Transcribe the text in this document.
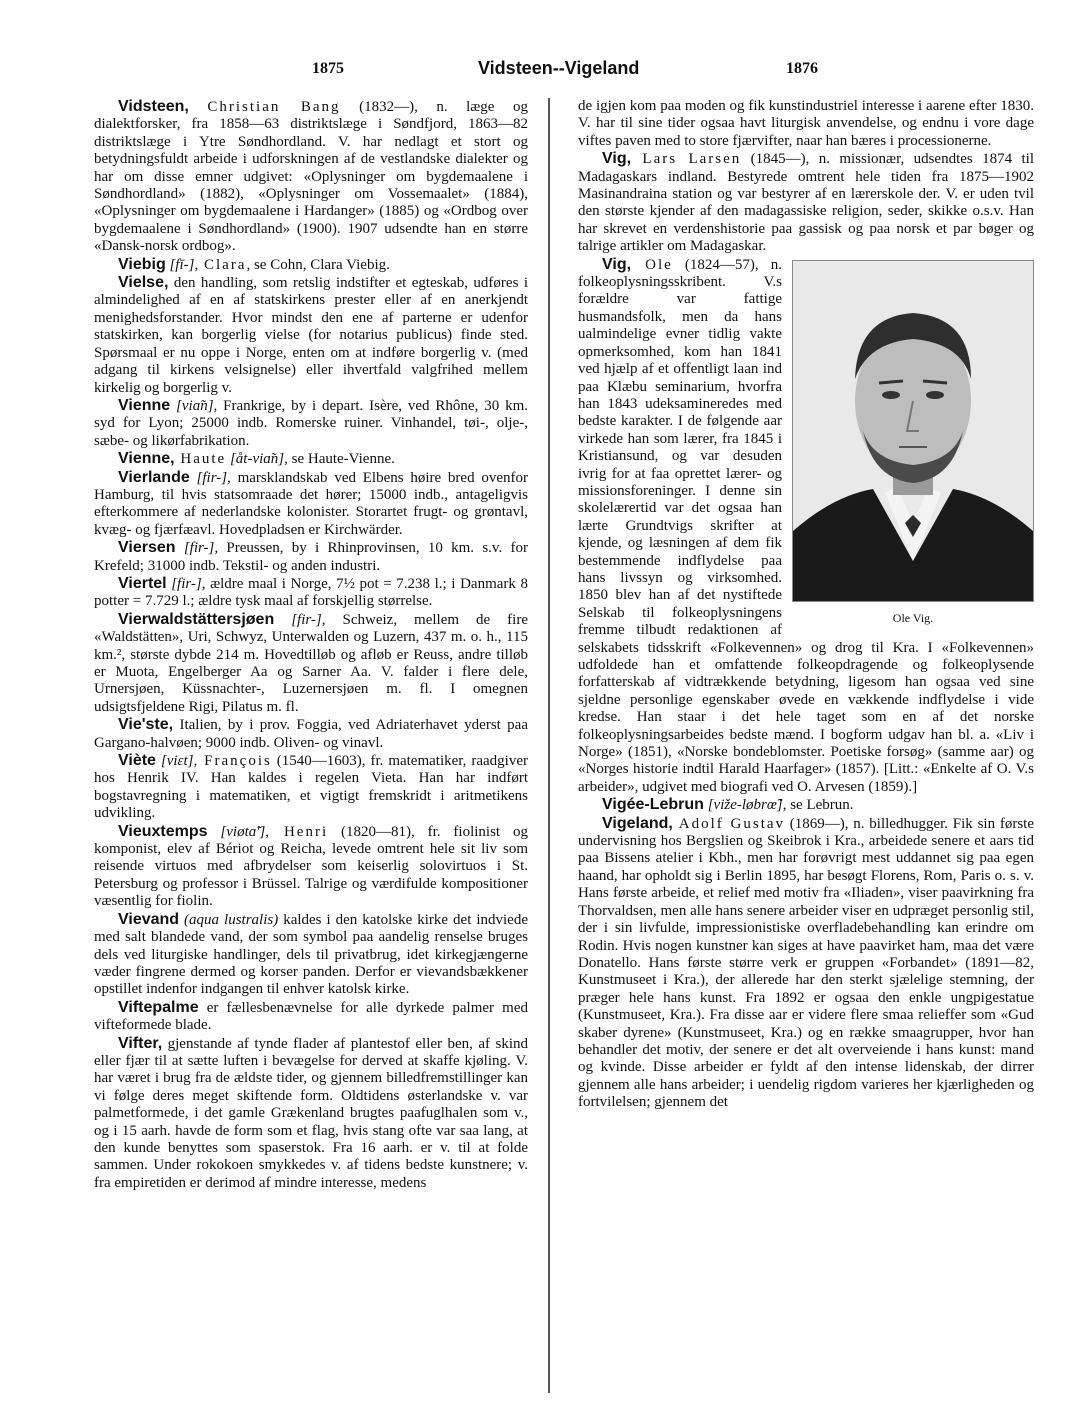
1875	Vidsteen--Vigeland	1876

Vidsteen, Christian Bang (1832—), n. læge og dialektforsker, fra 1858—63 distriktslæge i Søndfjord, 1863—82 distriktslæge i Ytre Søndhordland. V. har nedlagt et stort og betydningsfuldt arbeide i udforskningen af de vestlandske dialekter og har om disse emner udgivet: «Oplysninger om bygdemaalene i Søndhordland» (1882), «Oplysninger om Vossemaalet» (1884), «Oplysninger om bygdemaalene i Hardanger» (1885) og «Ordbog over bygdemaalene i Søndhordland» (1900). 1907 udsendte han en større «Dansk-norsk ordbog».

Viebig [fī-], Clara, se Cohn, Clara Viebig.

Vielse, den handling, som retslig indstifter et egteskab, udføres i almindelighed af en af statskirkens prester eller af en anerkjendt menighedsforstander. Hvor mindst den ene af parterne er udenfor statskirken, kan borgerlig vielse (for notarius publicus) finde sted. Spørsmaal er nu oppe i Norge, enten om at indføre borgerlig v. (med adgang til kirkens velsignelse) eller ihvertfald valgfrihed mellem kirkelig og borgerlig v.

Vienne [viɑ̃n], Frankrige, by i depart. Isère, ved Rhône, 30 km. syd for Lyon; 25000 indb. Romerske ruiner. Vinhandel, tøi-, olje-, sæbe- og likørfabrikation.

Vienne, Haute [åt-viɑ̃n], se Haute-Vienne.

Vierlande [fir-], marsklandskab ved Elbens høire bred ovenfor Hamburg, til hvis statsomraade det hører; 15000 indb., antageligvis efterkommere af nederlandske kolonister. Storartet frugt- og grøntavl, kvæg- og fjærfæavl. Hovedpladsen er Kirchwärder.

Viersen [fir-], Preussen, by i Rhinprovinsen, 10 km. s.v. for Krefeld; 31000 indb. Tekstil- og anden industri.

Viertel [fir-], ældre maal i Norge, 7½ pot = 7.238 l.; i Danmark 8 potter = 7.729 l.; ældre tysk maal af forskjellig størrelse.

Vierwaldstättersjøen [fir-], Schweiz, mellem de fire «Waldstätten», Uri, Schwyz, Unterwalden og Luzern, 437 m. o. h., 115 km.², største dybde 214 m. Hovedtilløb og afløb er Reuss, andre tilløb er Muota, Engelberger Aa og Sarner Aa. V. falder i flere dele, Urnersjøen, Küssnachter-, Luzernersjøen m. fl. I omegnen udsigtsfjeldene Rigi, Pilatus m. fl.

Vie'ste, Italien, by i prov. Foggia, ved Adriaterhavet yderst paa Gargano-halvøen; 9000 indb. Oliven- og vinavl.

Viète [viɛt], François (1540—1603), fr. matematiker, raadgiver hos Henrik IV. Han kaldes i regelen Vieta. Han har indført bogstavregning i matematiken, et vigtigt fremskridt i aritmetikens udvikling.

Vieuxtemps [viøtɑ̃'], Henri (1820—81), fr. fiolinist og komponist, elev af Bériot og Reicha, levede omtrent hele sit liv som reisende virtuos med afbrydelser som keiserlig solovirtuos i St. Petersburg og professor i Brüssel. Talrige og værdifulde kompositioner væsentlig for fiolin.

Vievand (aqua lustralis) kaldes i den katolske kirke det indviede med salt blandede vand, der som symbol paa aandelig renselse bruges dels ved liturgiske handlinger, dels til privatbrug, idet kirkegjængerne væder fingrene dermed og korser panden. Derfor er vievandsbækkener opstillet indenfor indgangen til enhver katolsk kirke.

Viftepalme er fællesbenævnelse for alle dyrkede palmer med vifteformede blade.

Vifter, gjenstande af tynde flader af plantestof eller ben, af skind eller fjær til at sætte luften i bevægelse for derved at skaffe kjøling. V. har været i brug fra de ældste tider, og gjennem billedfremstillinger kan vi følge deres meget skiftende form. Oldtidens østerlandske v. var palmetformede, i det gamle Grækenland brugtes paafuglhalen som v., og i 15 aarh. havde de form som et flag, hvis stang ofte var saa lang, at den kunde benyttes som spaserstok. Fra 16 aarh. er v. til at folde sammen. Under rokokoen smykkedes v. af tidens bedste kunstnere; v. fra empiretiden er derimod af mindre interesse, medens

de igjen kom paa moden og fik kunstindustriel interesse i aarene efter 1830. V. har til sine tider ogsaa havt liturgisk anvendelse, og endnu i vore dage viftes paven med to store fjærvifter, naar han bæres i processionerne.

Vig, Lars Larsen (1845—), n. missionær, udsendtes 1874 til Madagaskars indland. Bestyrede omtrent hele tiden fra 1875—1902 Masinandraina station og var bestyrer af en lærerskole der. V. er uden tvil den største kjender af den madagassiske religion, seder, skikke o.s.v. Han har skrevet en verdenshistorie paa gassisk og paa norsk et par bøger og talrige artikler om Madagaskar.

Vig, Ole
Ole Vig.
(1824—57), n. folkeoplysningsskribent. V.s forældre var fattige husmandsfolk, men da hans ualmindelige evner tidlig vakte opmerksomhed, kom han 1841 ved hjælp af et offentligt laan ind paa Klæbu seminarium, hvorfra han 1843 udeksamineredes med bedste karakter. I de følgende aar virkede han som lærer, fra 1845 i Kristiansund, og var desuden ivrig for at faa oprettet lærer- og missionsforeninger. I denne sin skolelærertid var det ogsaa han lærte Grundtvigs skrifter at kjende, og læsningen af dem fik bestemmende indflydelse paa hans livssyn og virksomhed. 1850 blev han af det nystiftede Selskab til folkeoplysningens fremme tilbudt redaktionen af selskabets tidsskrift «Folkevennen» og drog til Kra. I «Folkevennen» udfoldede han et omfattende folkeopdragende og folkeoplysende forfatterskab af vidtrækkende betydning, ligesom han ogsaa ved sine sjeldne personlige egenskaber øvede en vækkende indflydelse i vide kredse. Han staar i det hele taget som en af det norske folkeoplysningsarbeides bedste mænd. I bogform udgav han bl. a. «Liv i Norge» (1851), «Norske bondeblomster. Poetiske forsøg» (samme aar) og «Norges historie indtil Harald Haarfager» (1857). [Litt.: «Enkelte af O. V.s arbeider», udgivet med biografi ved O. Arvesen (1859).]

Vigée-Lebrun [viže-løbrœ̃], se Lebrun.

Vigeland, Adolf Gustav (1869—), n. billedhugger. Fik sin første undervisning hos Bergslien og Skeibrok i Kra., arbeidede senere et aars tid paa Bissens atelier i Kbh., men har forøvrigt mest uddannet sig paa egen haand, har opholdt sig i Berlin 1895, har besøgt Florens, Rom, Paris o. s. v. Hans første arbeide, et relief med motiv fra «Iliaden», viser paavirkning fra Thorvaldsen, men alle hans senere arbeider viser en udpræget personlig stil, der i sin livfulde, impressionistiske overfladebehandling kan erindre om Rodin. Hvis nogen kunstner kan siges at have paavirket ham, maa det være Donatello. Hans første større verk er gruppen «Forbandet» (1891—82, Kunstmuseet i Kra.), der allerede har den sterkt sjælelige stemning, der præger hele hans kunst. Fra 1892 er ogsaa den enkle ungpigestatue (Kunstmuseet, Kra.). Fra disse aar er videre flere smaa relieffer som «Gud skaber dyrene» (Kunstmuseet, Kra.) og en række smaagrupper, hvor han behandler det motiv, der senere er det alt overveiende i hans kunst: mand og kvinde. Disse arbeider er fyldt af den intense lidenskab, der dirrer gjennem alle hans arbeider; i uendelig rigdom varieres her kjærligheden og fortvilelsen; gjennem det
